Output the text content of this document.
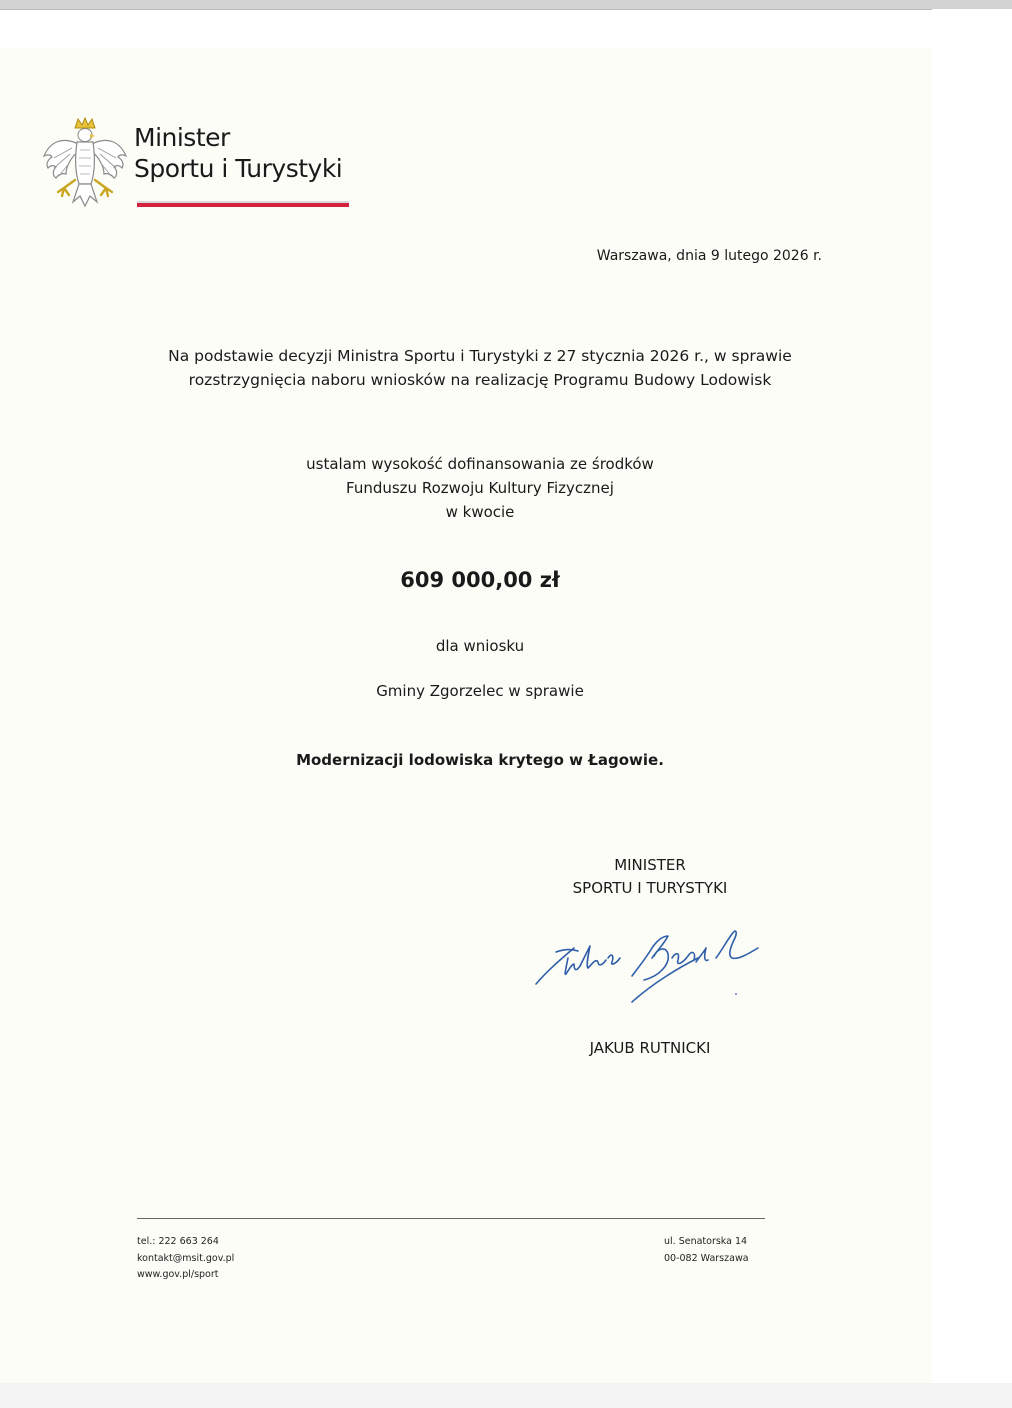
Minister
Sportu i Turystyki
Warszawa, dnia 9 lutego 2026 r.
Na podstawie decyzji Ministra Sportu i Turystyki z 27 stycznia 2026 r., w sprawie
rozstrzygnięcia naboru wniosków na realizację Programu Budowy Lodowisk
ustalam wysokość dofinansowania ze środków
Funduszu Rozwoju Kultury Fizycznej
w kwocie
609 000,00 zł
dla wniosku
Gminy Zgorzelec w sprawie
Modernizacji lodowiska krytego w Łagowie.
MINISTER
SPORTU I TURYSTYKI
JAKUB RUTNICKI
tel.: 222 663 264
kontakt@msit.gov.pl
www.gov.pl/sport
ul. Senatorska 14
00-082 Warszawa
